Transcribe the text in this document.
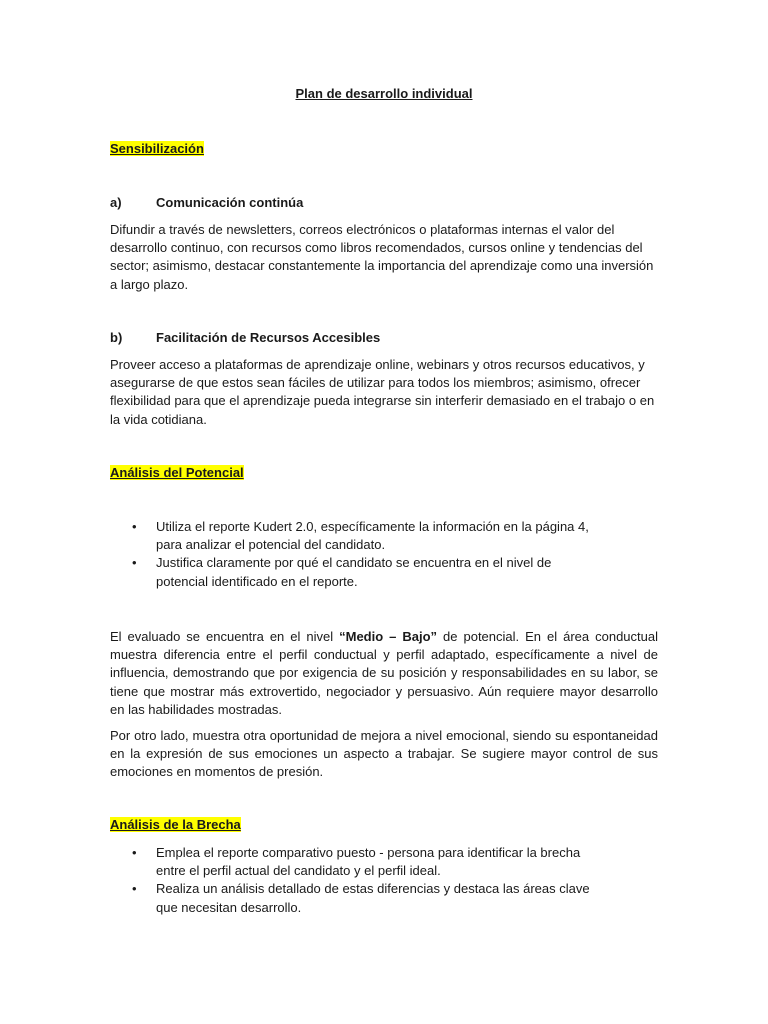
Plan de desarrollo individual
Sensibilización
a)	Comunicación continúa

Difundir a través de newsletters, correos electrónicos o plataformas internas el valor del desarrollo continuo, con recursos como libros recomendados, cursos online y tendencias del sector; asimismo, destacar constantemente la importancia del aprendizaje como una inversión a largo plazo.

b)	Facilitación de Recursos Accesibles

Proveer acceso a plataformas de aprendizaje online, webinars y otros recursos educativos, y asegurarse de que estos sean fáciles de utilizar para todos los miembros; asimismo, ofrecer flexibilidad para que el aprendizaje pueda integrarse sin interferir demasiado en el trabajo o en la vida cotidiana.

Análisis del Potencial
• Utiliza el reporte Kudert 2.0, específicamente la información en la página 4, para analizar el potencial del candidato.
• Justifica claramente por qué el candidato se encuentra en el nivel de potencial identificado en el reporte.

El evaluado se encuentra en el nivel “Medio – Bajo” de potencial. En el área conductual muestra diferencia entre el perfil conductual y perfil adaptado, específicamente a nivel de influencia, demostrando que por exigencia de su posición y responsabilidades en su labor, se tiene que mostrar más extrovertido, negociador y persuasivo. Aún requiere mayor desarrollo en las habilidades mostradas.

Por otro lado, muestra otra oportunidad de mejora a nivel emocional, siendo su espontaneidad en la expresión de sus emociones un aspecto a trabajar. Se sugiere mayor control de sus emociones en momentos de presión.

Análisis de la Brecha
• Emplea el reporte comparativo puesto - persona para identificar la brecha entre el perfil actual del candidato y el perfil ideal.
• Realiza un análisis detallado de estas diferencias y destaca las áreas clave que necesitan desarrollo.
